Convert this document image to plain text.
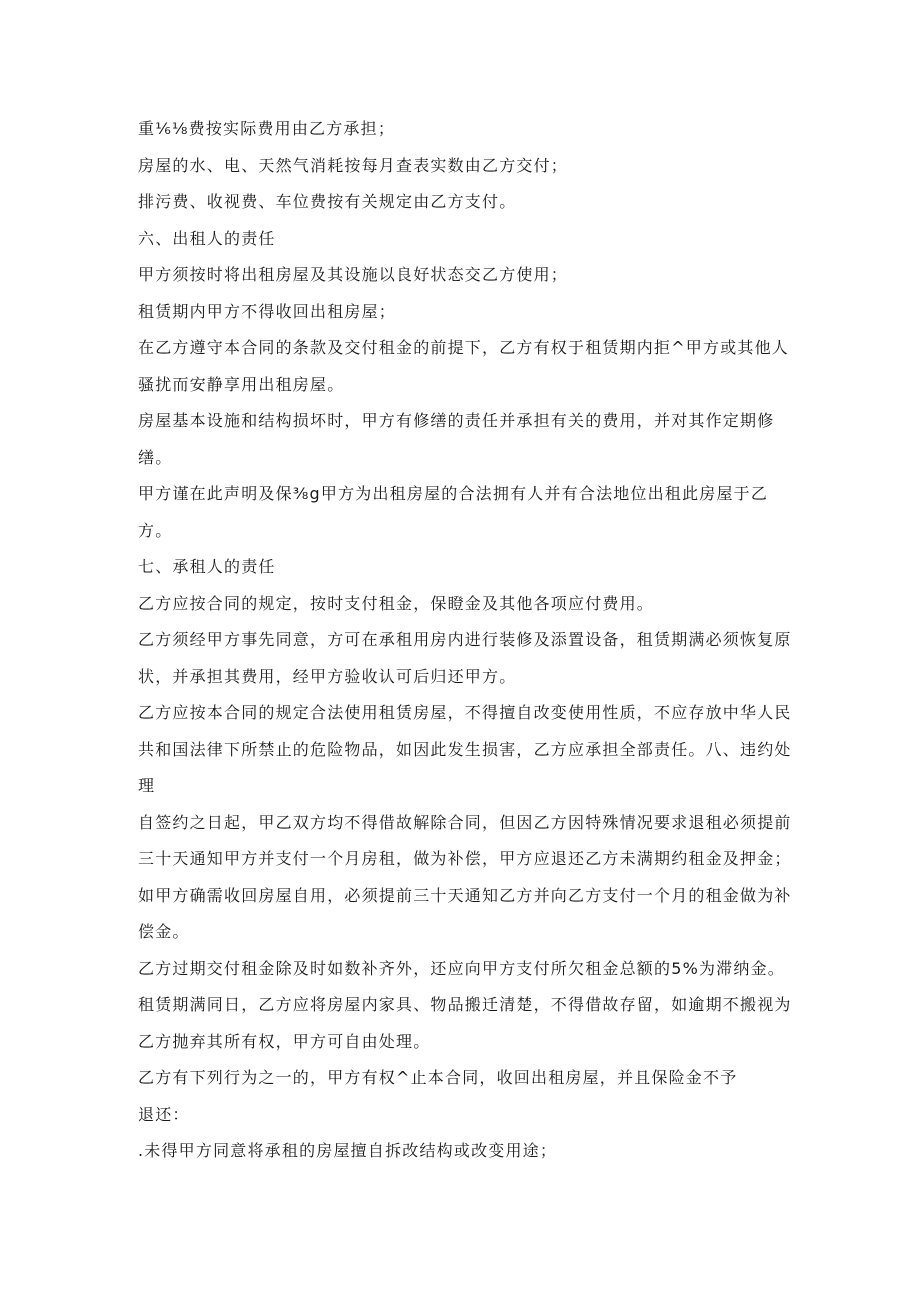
重⅙⅛费按实际费用由乙方承担；
房屋的水、电、天然气消耗按每月查表实数由乙方交付；
排污费、收视费、车位费按有关规定由乙方支付。
六、出租人的责任
甲方须按时将出租房屋及其设施以良好状态交乙方使用；
租赁期内甲方不得收回出租房屋；
在乙方遵守本合同的条款及交付租金的前提下，乙方有权于租赁期内拒^甲方或其他人
骚扰而安静享用出租房屋。
房屋基本设施和结构损坏时，甲方有修缮的责任并承担有关的费用，并对其作定期修
缮。
甲方谨在此声明及保⅜g甲方为出租房屋的合法拥有人并有合法地位出租此房屋于乙
方。
七、承租人的责任
乙方应按合同的规定，按时支付租金，保瞪金及其他各项应付费用。
乙方须经甲方事先同意，方可在承租用房内进行装修及添置设备，租赁期满必须恢复原
状，并承担其费用，经甲方验收认可后归还甲方。
乙方应按本合同的规定合法使用租赁房屋，不得擅自改变使用性质，不应存放中华人民
共和国法律下所禁止的危险物品，如因此发生损害，乙方应承担全部责任。八、违约处
理
自签约之日起，甲乙双方均不得借故解除合同，但因乙方因特殊情况要求退租必须提前
三十天通知甲方并支付一个月房租，做为补偿，甲方应退还乙方未满期约租金及押金；
如甲方确需收回房屋自用，必须提前三十天通知乙方并向乙方支付一个月的租金做为补
偿金。
乙方过期交付租金除及时如数补齐外，还应向甲方支付所欠租金总额的5%为滞纳金。
租赁期满同日，乙方应将房屋内家具、物品搬迁清楚，不得借故存留，如逾期不搬视为
乙方抛弃其所有权，甲方可自由处理。
乙方有下列行为之一的，甲方有权^止本合同，收回出租房屋，并且保险金不予
退还：
.未得甲方同意将承租的房屋擅自拆改结构或改变用途；
